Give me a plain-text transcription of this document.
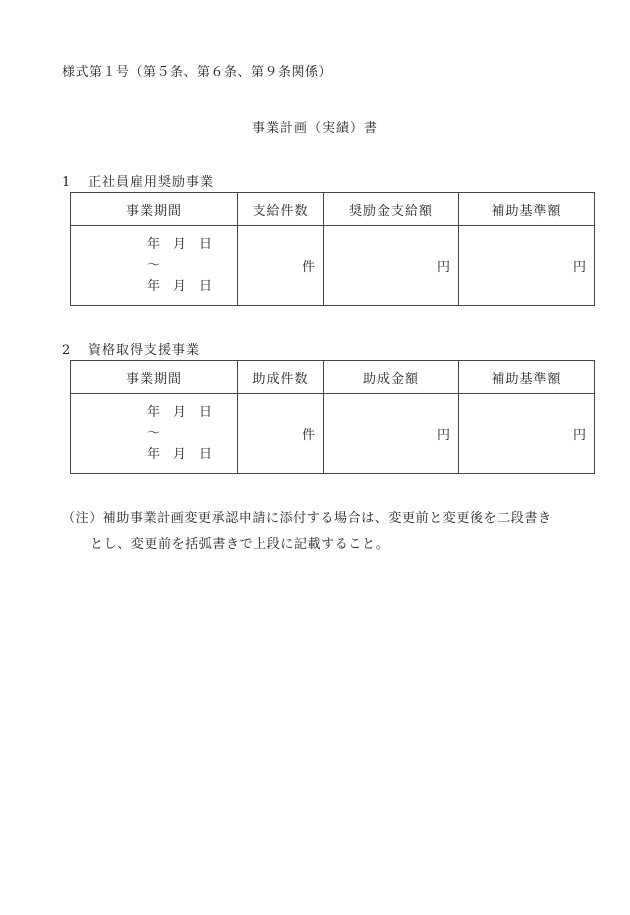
様式第１号（第５条、第６条、第９条関係）
事業計画（実績）書
1 正社員雇用奨励事業
事業期間	支給件数	奨励金支給額	補助基準額

年　月　日
～
年　月　日	件	円	円
2 資格取得支援事業
事業期間	助成件数	助成金額	補助基準額

年　月　日
～
年　月　日	件	円	円
（注）補助事業計画変更承認申請に添付する場合は、変更前と変更後を二段書き
とし、変更前を括弧書きで上段に記載すること。
